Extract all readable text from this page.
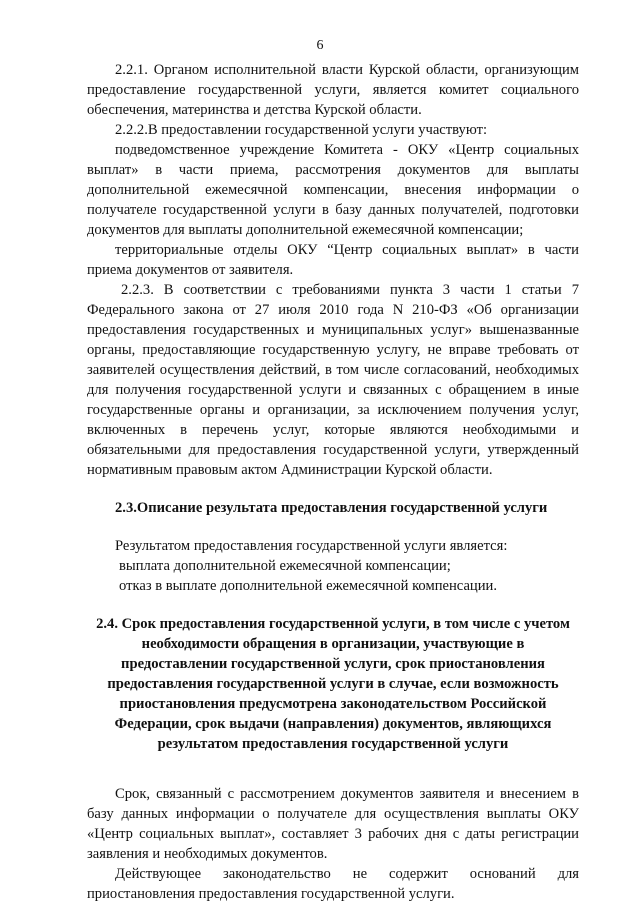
6

2.2.1. Органом исполнительной власти Курской области, организующим предоставление государственной услуги, является комитет социального обеспечения, материнства и детства Курской области.

2.2.2.В предоставлении государственной услуги участвуют:

подведомственное учреждение Комитета - ОКУ «Центр социальных выплат» в части приема, рассмотрения документов для выплаты дополнительной ежемесячной компенсации, внесения информации о получателе государственной услуги в базу данных получателей, подготовки документов для выплаты дополнительной ежемесячной компенсации;

территориальные отделы ОКУ “Центр социальных выплат» в части приема документов от заявителя.

2.2.3. В соответствии с требованиями пункта 3 части 1 статьи 7 Федерального закона от 27 июля 2010 года N 210-ФЗ «Об организации предоставления государственных и муниципальных услуг» вышеназванные органы, предоставляющие государственную услугу, не вправе требовать от заявителей осуществления действий, в том числе согласований, необходимых для получения государственной услуги и связанных с обращением в иные государственные органы и организации, за исключением получения услуг, включенных в перечень услуг, которые являются необходимыми и обязательными для предоставления государственной услуги, утвержденный нормативным правовым актом Администрации Курской области.

2.3.Описание результата предоставления государственной услуги

Результатом предоставления государственной услуги является:

выплата дополнительной ежемесячной компенсации;

отказ в выплате дополнительной ежемесячной компенсации.

2.4. Срок предоставления государственной услуги, в том числе с учетом необходимости обращения в организации, участвующие в предоставлении государственной услуги, срок приостановления предоставления государственной услуги в случае, если возможность приостановления предусмотрена законодательством Российской Федерации, срок выдачи (направления) документов, являющихся результатом предоставления государственной услуги

Срок, связанный с рассмотрением документов заявителя и внесением в базу данных информации о получателе для осуществления выплаты ОКУ «Центр социальных выплат», составляет 3 рабочих дня с даты регистрации заявления и необходимых документов.

Действующее законодательство не содержит оснований для приостановления предоставления государственной услуги.
